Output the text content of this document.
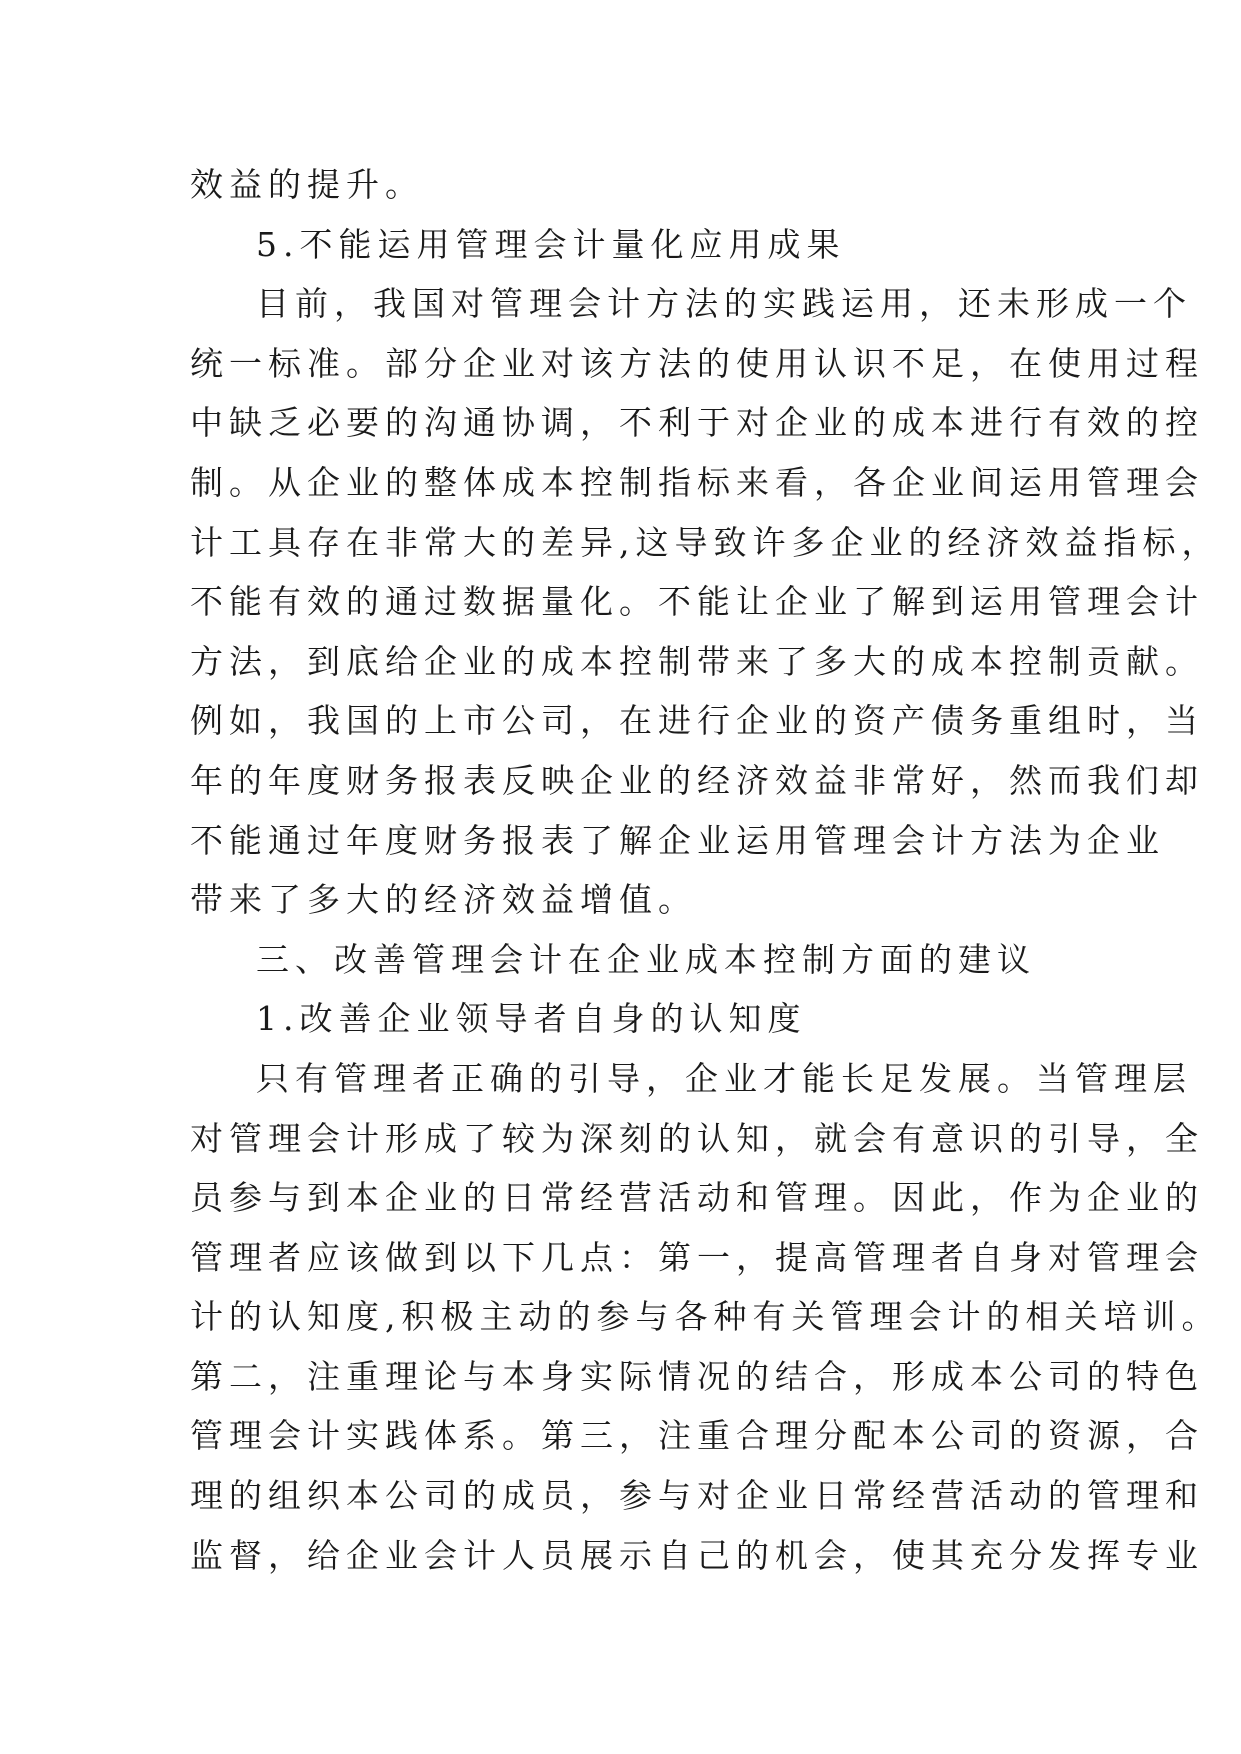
效益的提升。
5.不能运用管理会计量化应用成果
目前，我国对管理会计方法的实践运用，还未形成一个
统一标准。部分企业对该方法的使用认识不足，在使用过程
中缺乏必要的沟通协调，不利于对企业的成本进行有效的控
制。从企业的整体成本控制指标来看，各企业间运用管理会
计工具存在非常大的差异,这导致许多企业的经济效益指标，
不能有效的通过数据量化。不能让企业了解到运用管理会计
方法，到底给企业的成本控制带来了多大的成本控制贡献。
例如，我国的上市公司，在进行企业的资产债务重组时，当
年的年度财务报表反映企业的经济效益非常好，然而我们却
不能通过年度财务报表了解企业运用管理会计方法为企业
带来了多大的经济效益增值。
三、改善管理会计在企业成本控制方面的建议
1.改善企业领导者自身的认知度
只有管理者正确的引导，企业才能长足发展。当管理层
对管理会计形成了较为深刻的认知，就会有意识的引导，全
员参与到本企业的日常经营活动和管理。因此，作为企业的
管理者应该做到以下几点：第一，提高管理者自身对管理会
计的认知度,积极主动的参与各种有关管理会计的相关培训。
第二，注重理论与本身实际情况的结合，形成本公司的特色
管理会计实践体系。第三，注重合理分配本公司的资源，合
理的组织本公司的成员，参与对企业日常经营活动的管理和
监督，给企业会计人员展示自己的机会，使其充分发挥专业
